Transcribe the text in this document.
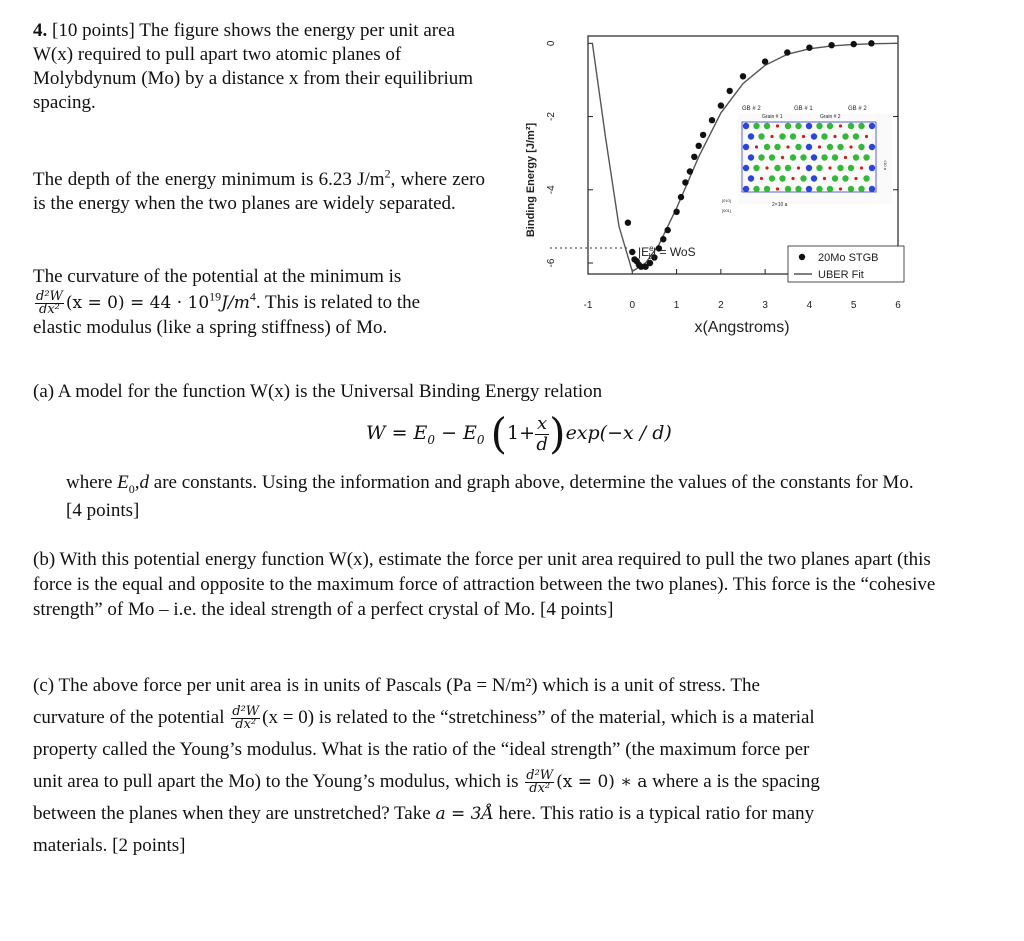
4. [10 points] The figure shows the energy per unit area W(x) required to pull apart two atomic planes of Molybdynum (Mo) by a distance x from their equilibrium spacing.
The depth of the energy minimum is 6.23 $J/m^2$, where zero is the energy when the two planes are widely separated.
The curvature of the potential at the minimum is
$\frac{\text{d²W}}{\text{dx²}} (x = 0) = 44 \cdot 10^{19}J/m^4$. This is related to the
elastic modulus (like a spring stiffness) of Mo.
-1	0	1	2	3	4	5	6
0
-2
-4
-6
Binding Energy [J/m²]
x(Angstroms)
$|E^e$ b| = WoS	20Mo STGB
UBER Fit
GB # 2
Grain # 1
GB # 1
Grain # 2
GB # 2
2×10 a
[010]
[001]
√10 a
(a) A model for the function W(x) is the Universal Binding Energy relation
$W = E_0 - E_0$ $(1+ \frac{x}{d})\exp(-x / d)$
where $E_0,d$ are constants. Using the information and graph above, determine the values of the constants for Mo. [4 points]
(b) With this potential energy function W(x), estimate the force per unit area required to pull the two planes apart (this force is the equal and opposite to the maximum force of attraction between the two planes). This force is the “cohesive strength” of Mo – i.e. the ideal strength of a perfect crystal of Mo. [4 points]
(c) The above force per unit area is in units of Pascals (Pa = N/m²) which is a unit of stress. The
curvature of the potential $\frac{\text{d²W}}{\text{dx²}} (x = 0)$ is related to the “stretchiness” of the material, which is a material
property called the Young’s modulus. What is the ratio of the “ideal strength” (the maximum force per
unit area to pull apart the Mo) to the Young’s modulus, which is $\frac{\text{d²W}}{\text{dx²}} (x = 0)$ ∗ a where a is the spacing
between the planes when they are unstretched? Take a = 3Å here. This ratio is a typical ratio for many
materials. [2 points]
